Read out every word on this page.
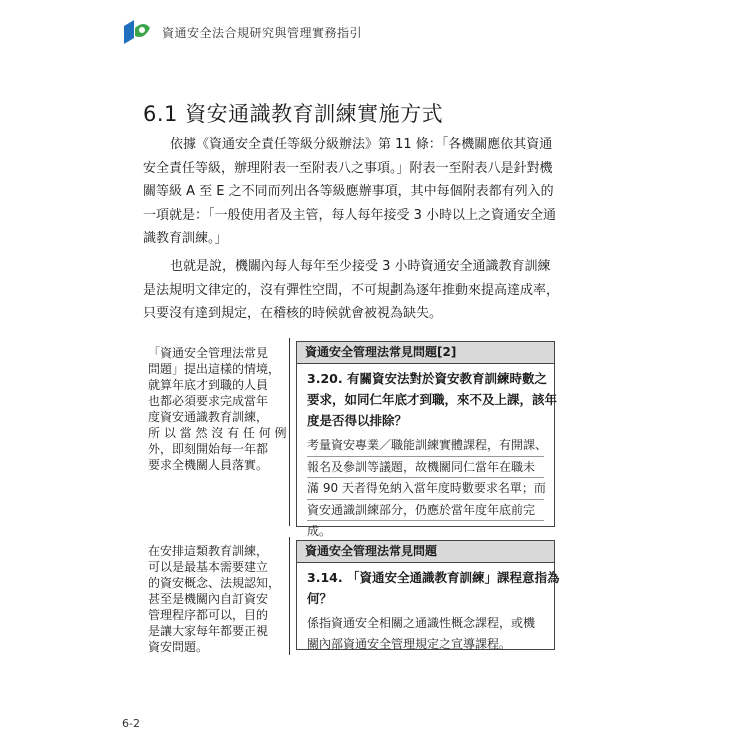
資通安全法合規研究與管理實務指引
6.1 資安通識教育訓練實施方式
依據《資通安全責任等級分級辦法》第 11 條：「各機關應依其資通
安全責任等級，辦理附表一至附表八之事項。」附表一至附表八是針對機
關等級 A 至 E 之不同而列出各等級應辦事項，其中每個附表都有列入的
一項就是：「一般使用者及主管，每人每年接受 3 小時以上之資通安全通
識教育訓練。」
也就是說，機關內每人每年至少接受 3 小時資通安全通識教育訓練
是法規明文律定的，沒有彈性空間，不可規劃為逐年推動來提高達成率，
只要沒有達到規定，在稽核的時候就會被視為缺失。
「資通安全管理法常見
問題」提出這樣的情境，
就算年底才到職的人員
也都必須要求完成當年
度資安通識教育訓練，
所 以 當 然 沒 有 任 何 例
外，即刻開始每一年都
要求全機關人員落實。
資通安全管理法常見問題[2]
3.20. 有關資安法對於資安教育訓練時數之
要求，如同仁年底才到職，來不及上課，該年
度是否得以排除？
考量資安專業／職能訓練實體課程，有開課、
報名及參訓等議題，故機關同仁當年在職未
滿 90 天者得免納入當年度時數要求名單；而
資安通識訓練部分，仍應於當年度年底前完
成。
在安排這類教育訓練，
可以是最基本需要建立
的資安概念、法規認知，
甚至是機關內自訂資安
管理程序都可以，目的
是讓大家每年都要正視
資安問題。
資通安全管理法常見問題
3.14. 「資通安全通識教育訓練」課程意指為
何？
係指資通安全相關之通識性概念課程，或機
關內部資通安全管理規定之宣導課程。
6-2
